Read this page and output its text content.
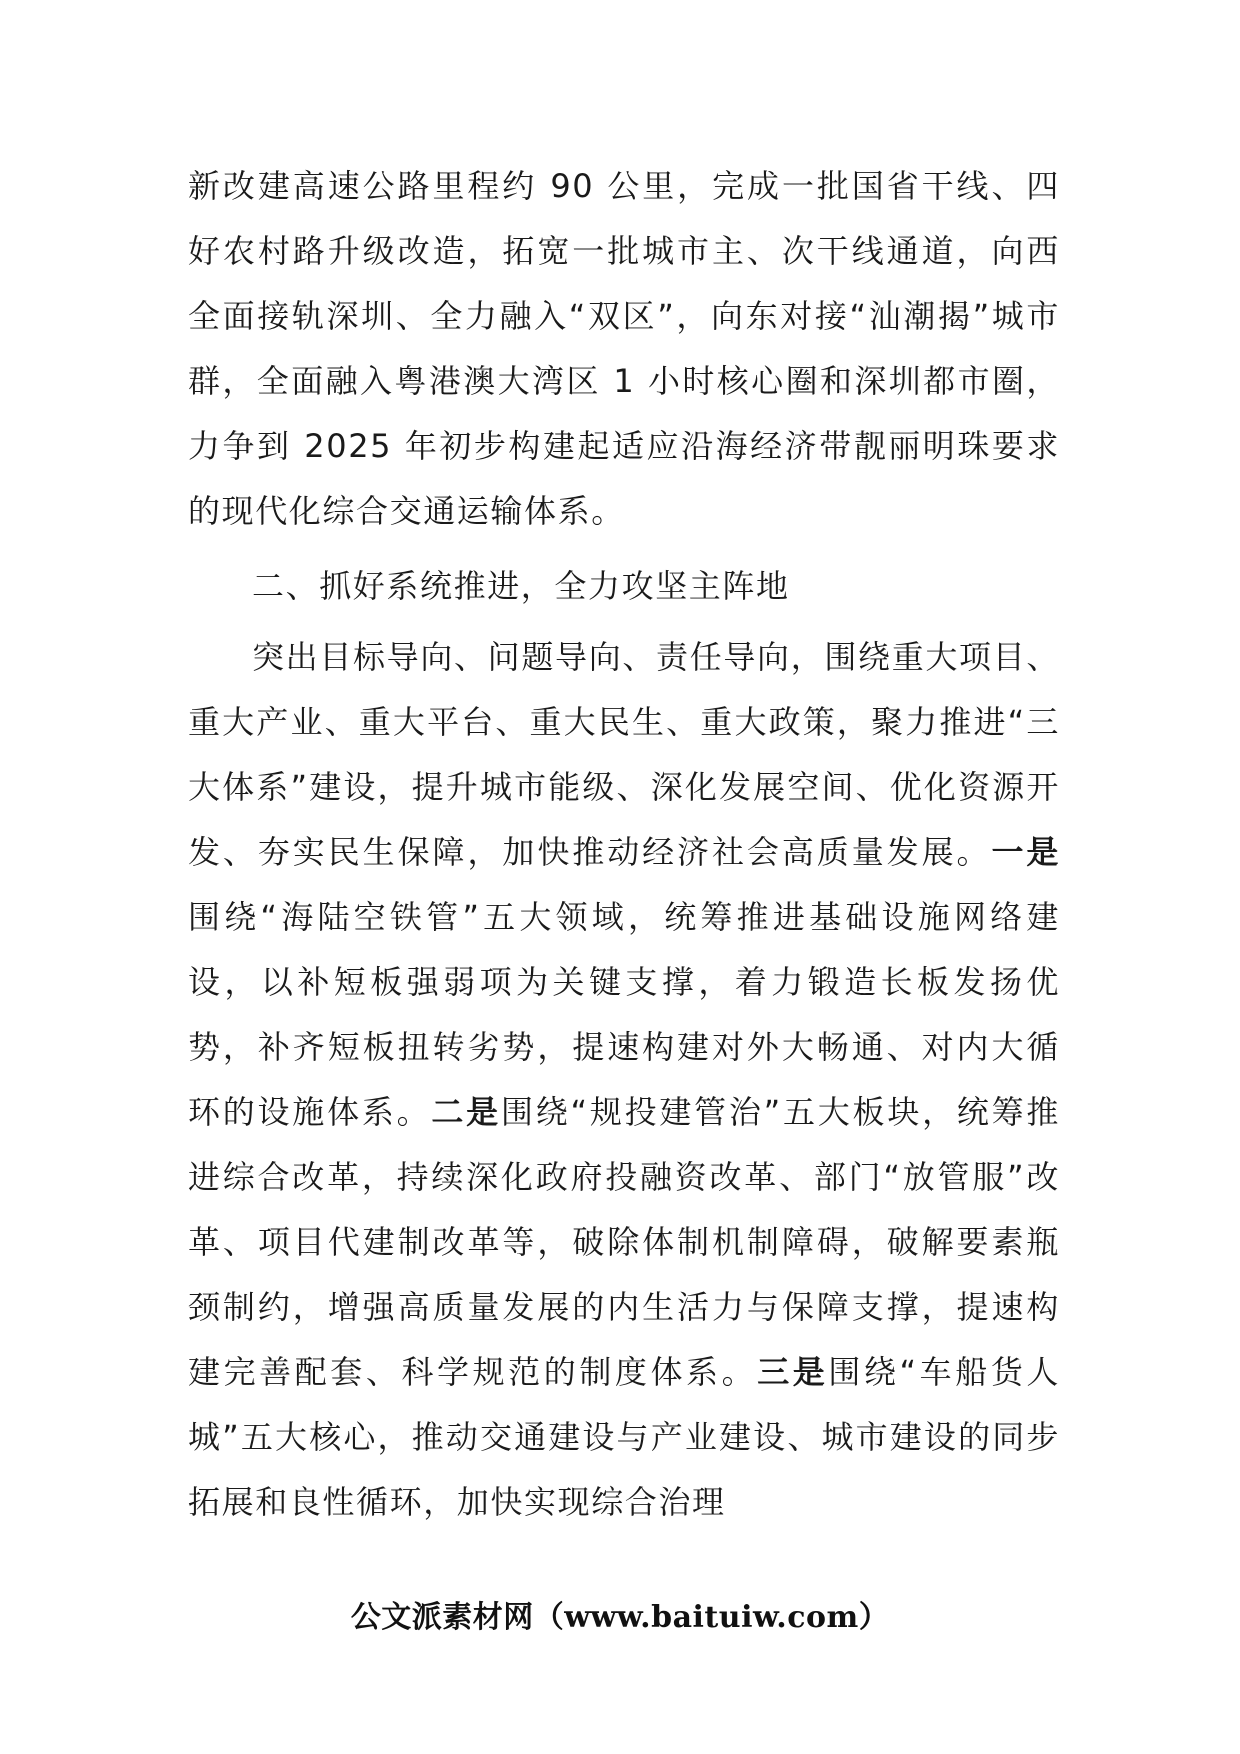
新改建高速公路里程约 90 公里，完成一批国省干线、四好农村路升级改造，拓宽一批城市主、次干线通道，向西全面接轨深圳、全力融入“双区”，向东对接“汕潮揭”城市群，全面融入粤港澳大湾区 1 小时核心圈和深圳都市圈，力争到 2025 年初步构建起适应沿海经济带靓丽明珠要求的现代化综合交通运输体系。

二、抓好系统推进，全力攻坚主阵地

突出目标导向、问题导向、责任导向，围绕重大项目、重大产业、重大平台、重大民生、重大政策，聚力推进“三大体系”建设，提升城市能级、深化发展空间、优化资源开发、夯实民生保障，加快推动经济社会高质量发展。一是围绕“海陆空铁管”五大领域，统筹推进基础设施网络建设，以补短板强弱项为关键支撑，着力锻造长板发扬优势，补齐短板扭转劣势，提速构建对外大畅通、对内大循环的设施体系。二是围绕“规投建管治”五大板块，统筹推进综合改革，持续深化政府投融资改革、部门“放管服”改革、项目代建制改革等，破除体制机制障碍，破解要素瓶颈制约，增强高质量发展的内生活力与保障支撑，提速构建完善配套、科学规范的制度体系。三是围绕“车船货人城”五大核心，推动交通建设与产业建设、城市建设的同步拓展和良性循环，加快实现综合治理

公文派素材网（www.baituiw.com）
